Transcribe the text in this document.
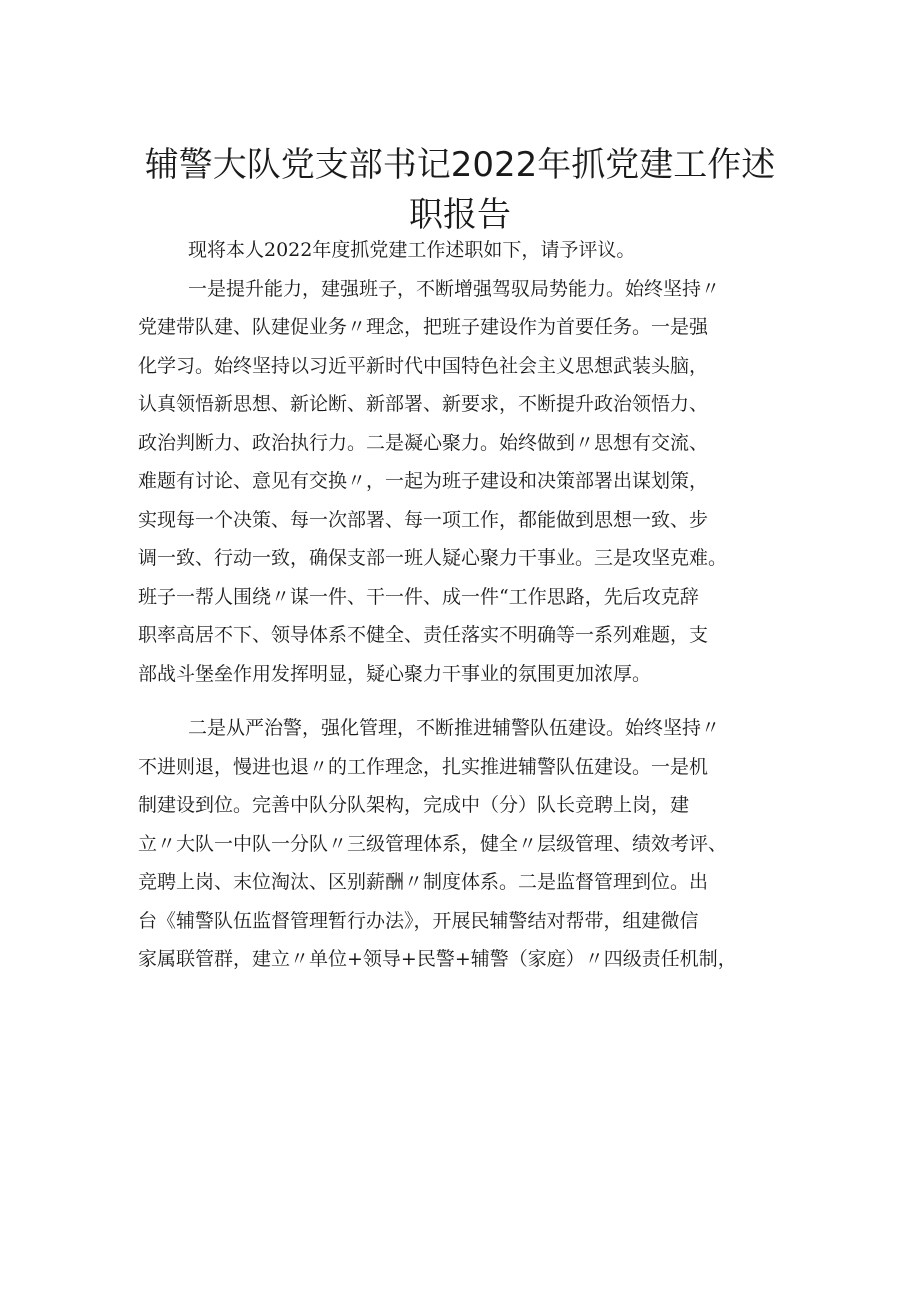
辅警大队党支部书记2022年抓党建工作述
职报告
现将本人2022年度抓党建工作述职如下，请予评议。
一是提升能力，建强班子，不断增强驾驭局势能力。始终坚持〃
党建带队建、队建促业务〃理念，把班子建设作为首要任务。一是强
化学习。始终坚持以习近平新时代中国特色社会主义思想武装头脑，
认真领悟新思想、新论断、新部署、新要求，不断提升政治领悟力、
政治判断力、政治执行力。二是凝心聚力。始终做到〃思想有交流、
难题有讨论、意见有交换〃，一起为班子建设和决策部署出谋划策，
实现每一个决策、每一次部署、每一项工作，都能做到思想一致、步
调一致、行动一致，确保支部一班人疑心聚力干事业。三是攻坚克难。
班子一帮人围绕〃谋一件、干一件、成一件“工作思路，先后攻克辞
职率高居不下、领导体系不健全、责任落实不明确等一系列难题，支
部战斗堡垒作用发挥明显，疑心聚力干事业的氛围更加浓厚。
二是从严治警，强化管理，不断推进辅警队伍建设。始终坚持〃
不进则退，慢进也退〃的工作理念，扎实推进辅警队伍建设。一是机
制建设到位。完善中队分队架构，完成中（分）队长竞聘上岗，建
立〃大队一中队一分队〃三级管理体系，健全〃层级管理、绩效考评、
竞聘上岗、末位淘汰、区别薪酬〃制度体系。二是监督管理到位。出
台《辅警队伍监督管理暂行办法》，开展民辅警结对帮带，组建微信
家属联管群，建立〃单位+领导+民警+辅警（家庭）〃四级责任机制，
